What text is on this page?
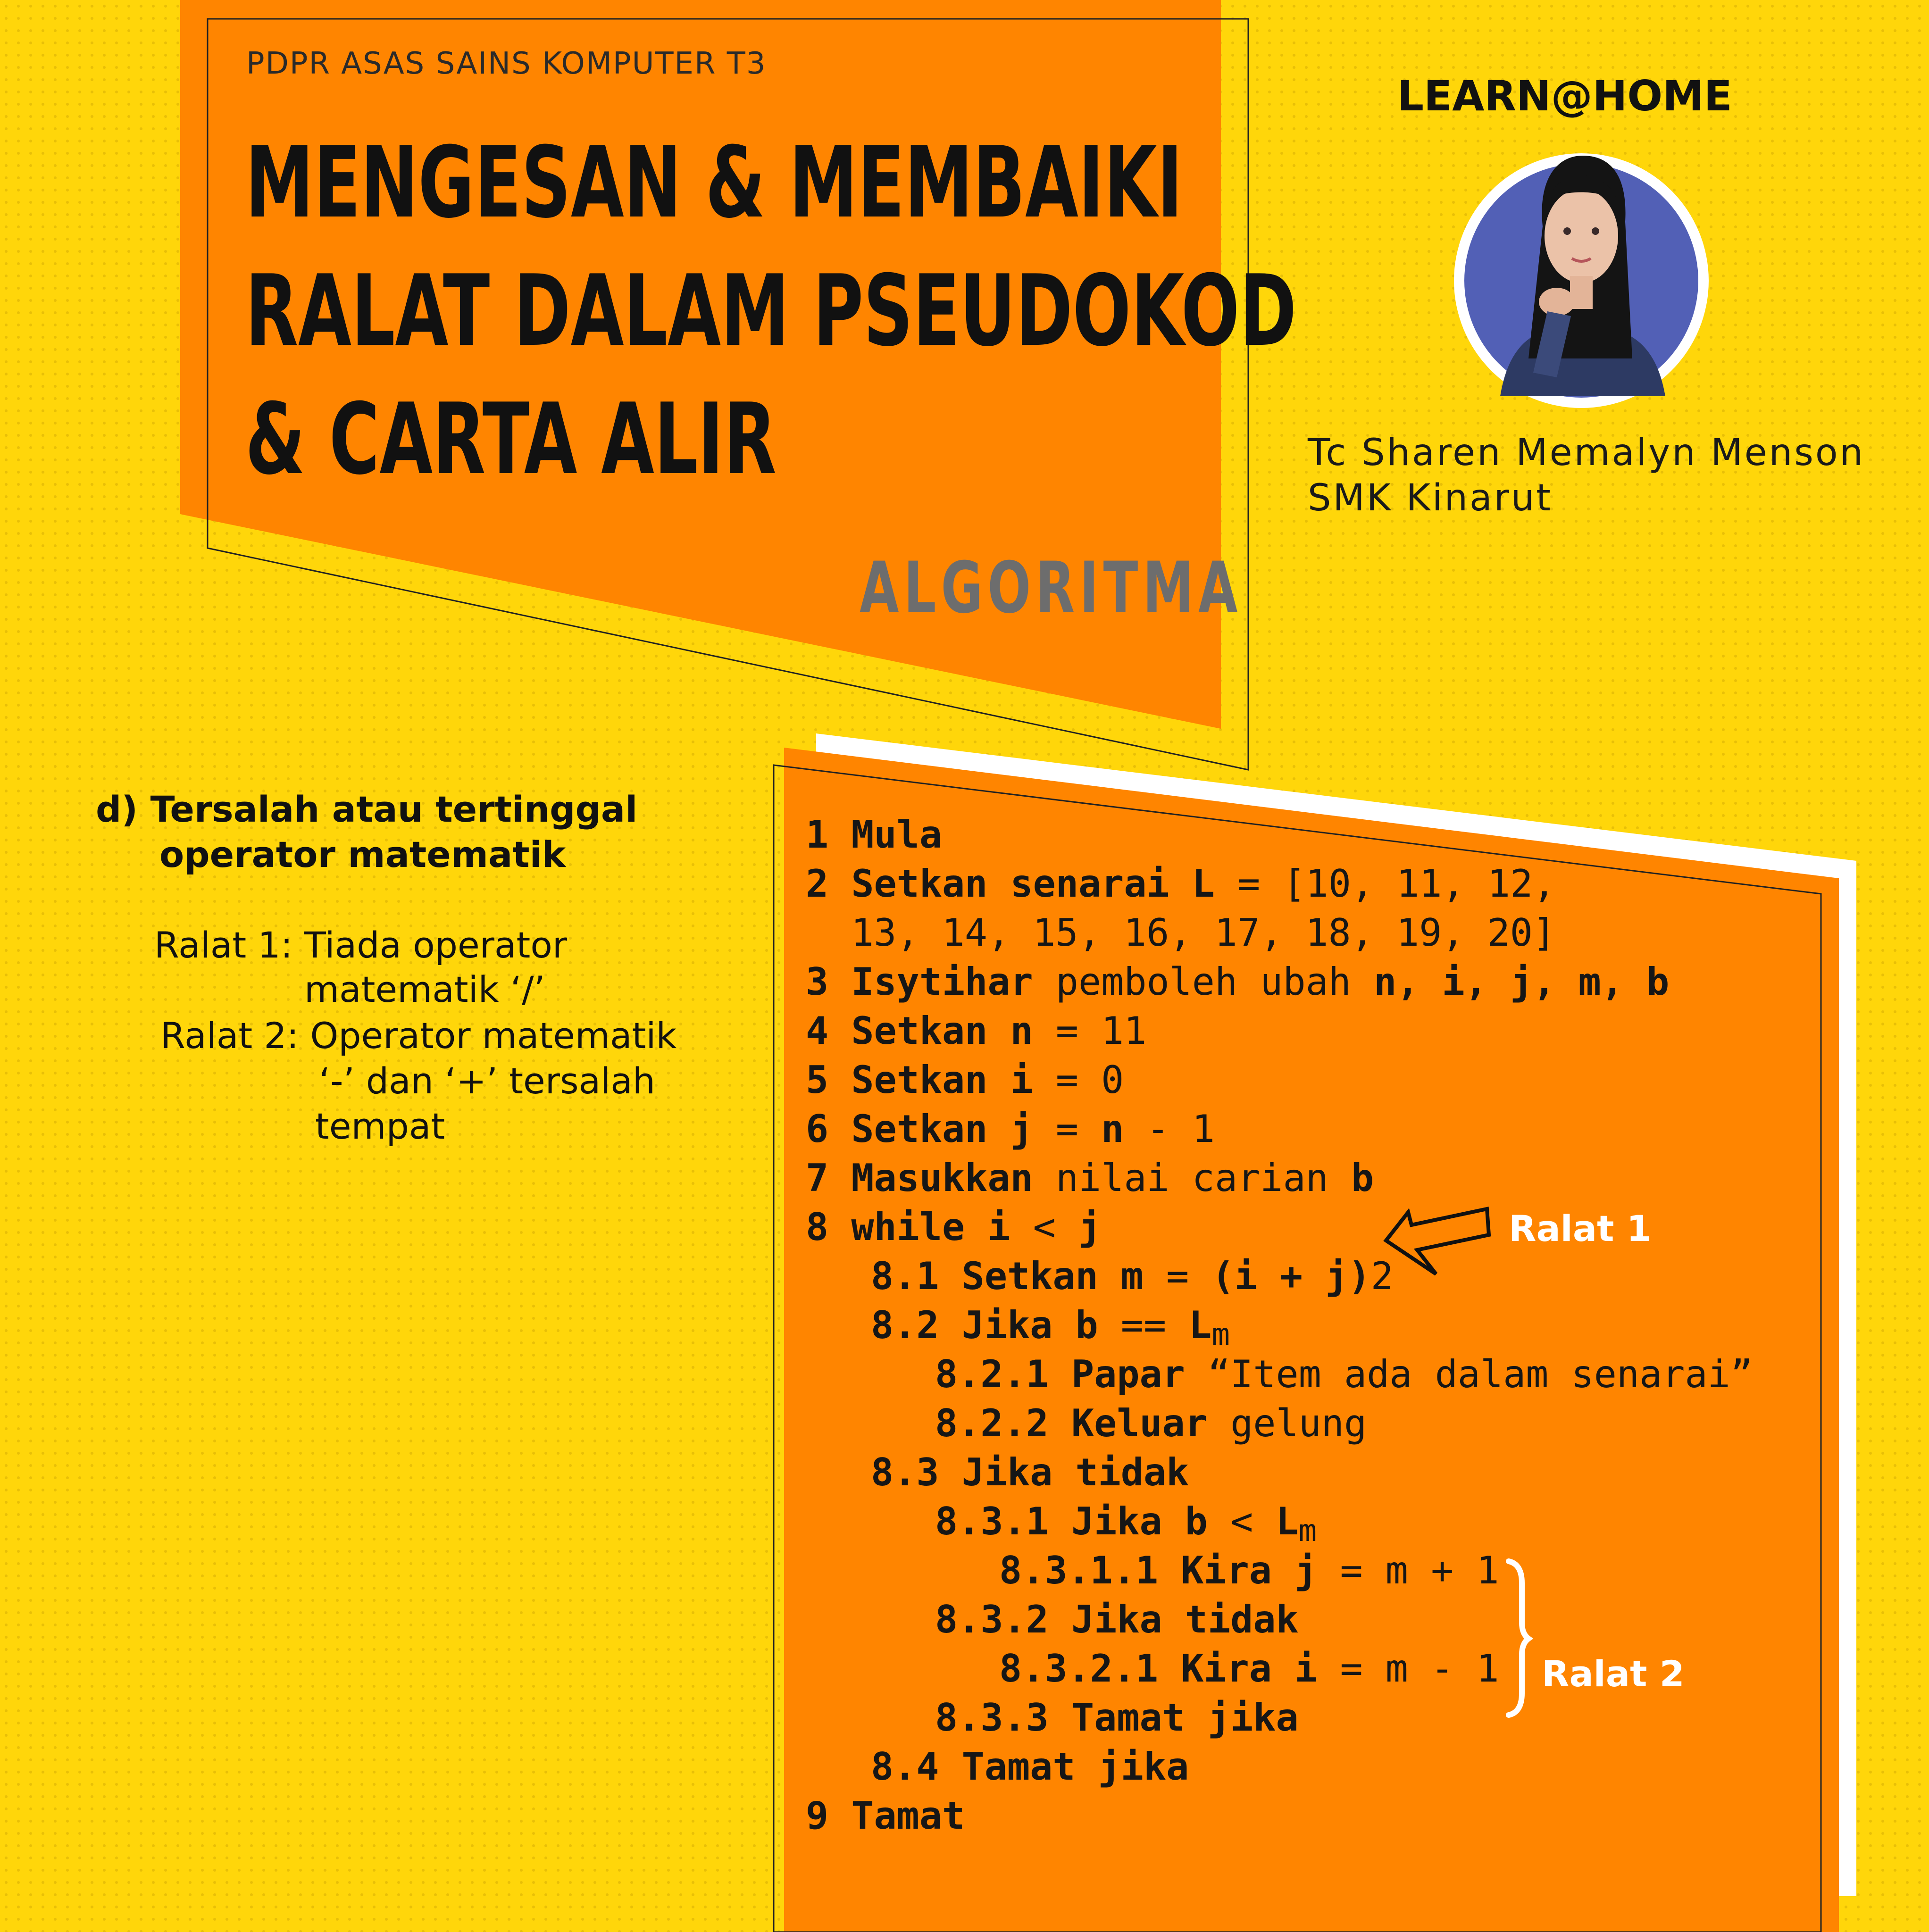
PDPR ASAS SAINS KOMPUTER T3
MENGESAN & MEMBAIKI
RALAT DALAM PSEUDOKOD
& CARTA ALIR
ALGORITMA
LEARN@HOME
Tc Sharen Memalyn Menson
SMK Kinarut
d) Tersalah atau tertinggal
operator matematik
Ralat 1: Tiada operator
matematik ‘/’
Ralat 2: Operator matematik
‘-’ dan ‘+’ tersalah
tempat
1 Mula
2 Setkan senarai L = [10, 11, 12,
13, 14, 15, 16, 17, 18, 19, 20]
3 Isytihar pemboleh ubah n, i, j, m, b
4 Setkan n = 11
5 Setkan i = 0
6 Setkan j = n - 1
7 Masukkan nilai carian b
8 while i < j
8.1 Setkan m = (i + j)2
8.2 Jika $b == L_m$
8.2.1 Papar “Item ada dalam senarai”
8.2.2 Keluar gelung
8.3 Jika tidak
8.3.1 Jika $b < L_m$
8.3.1.1 Kira j = m + 1
8.3.2 Jika tidak
8.3.2.1 Kira i = m - 1
8.3.3 Tamat jika
8.4 Tamat jika
9 Tamat
Ralat 1
Ralat 2
